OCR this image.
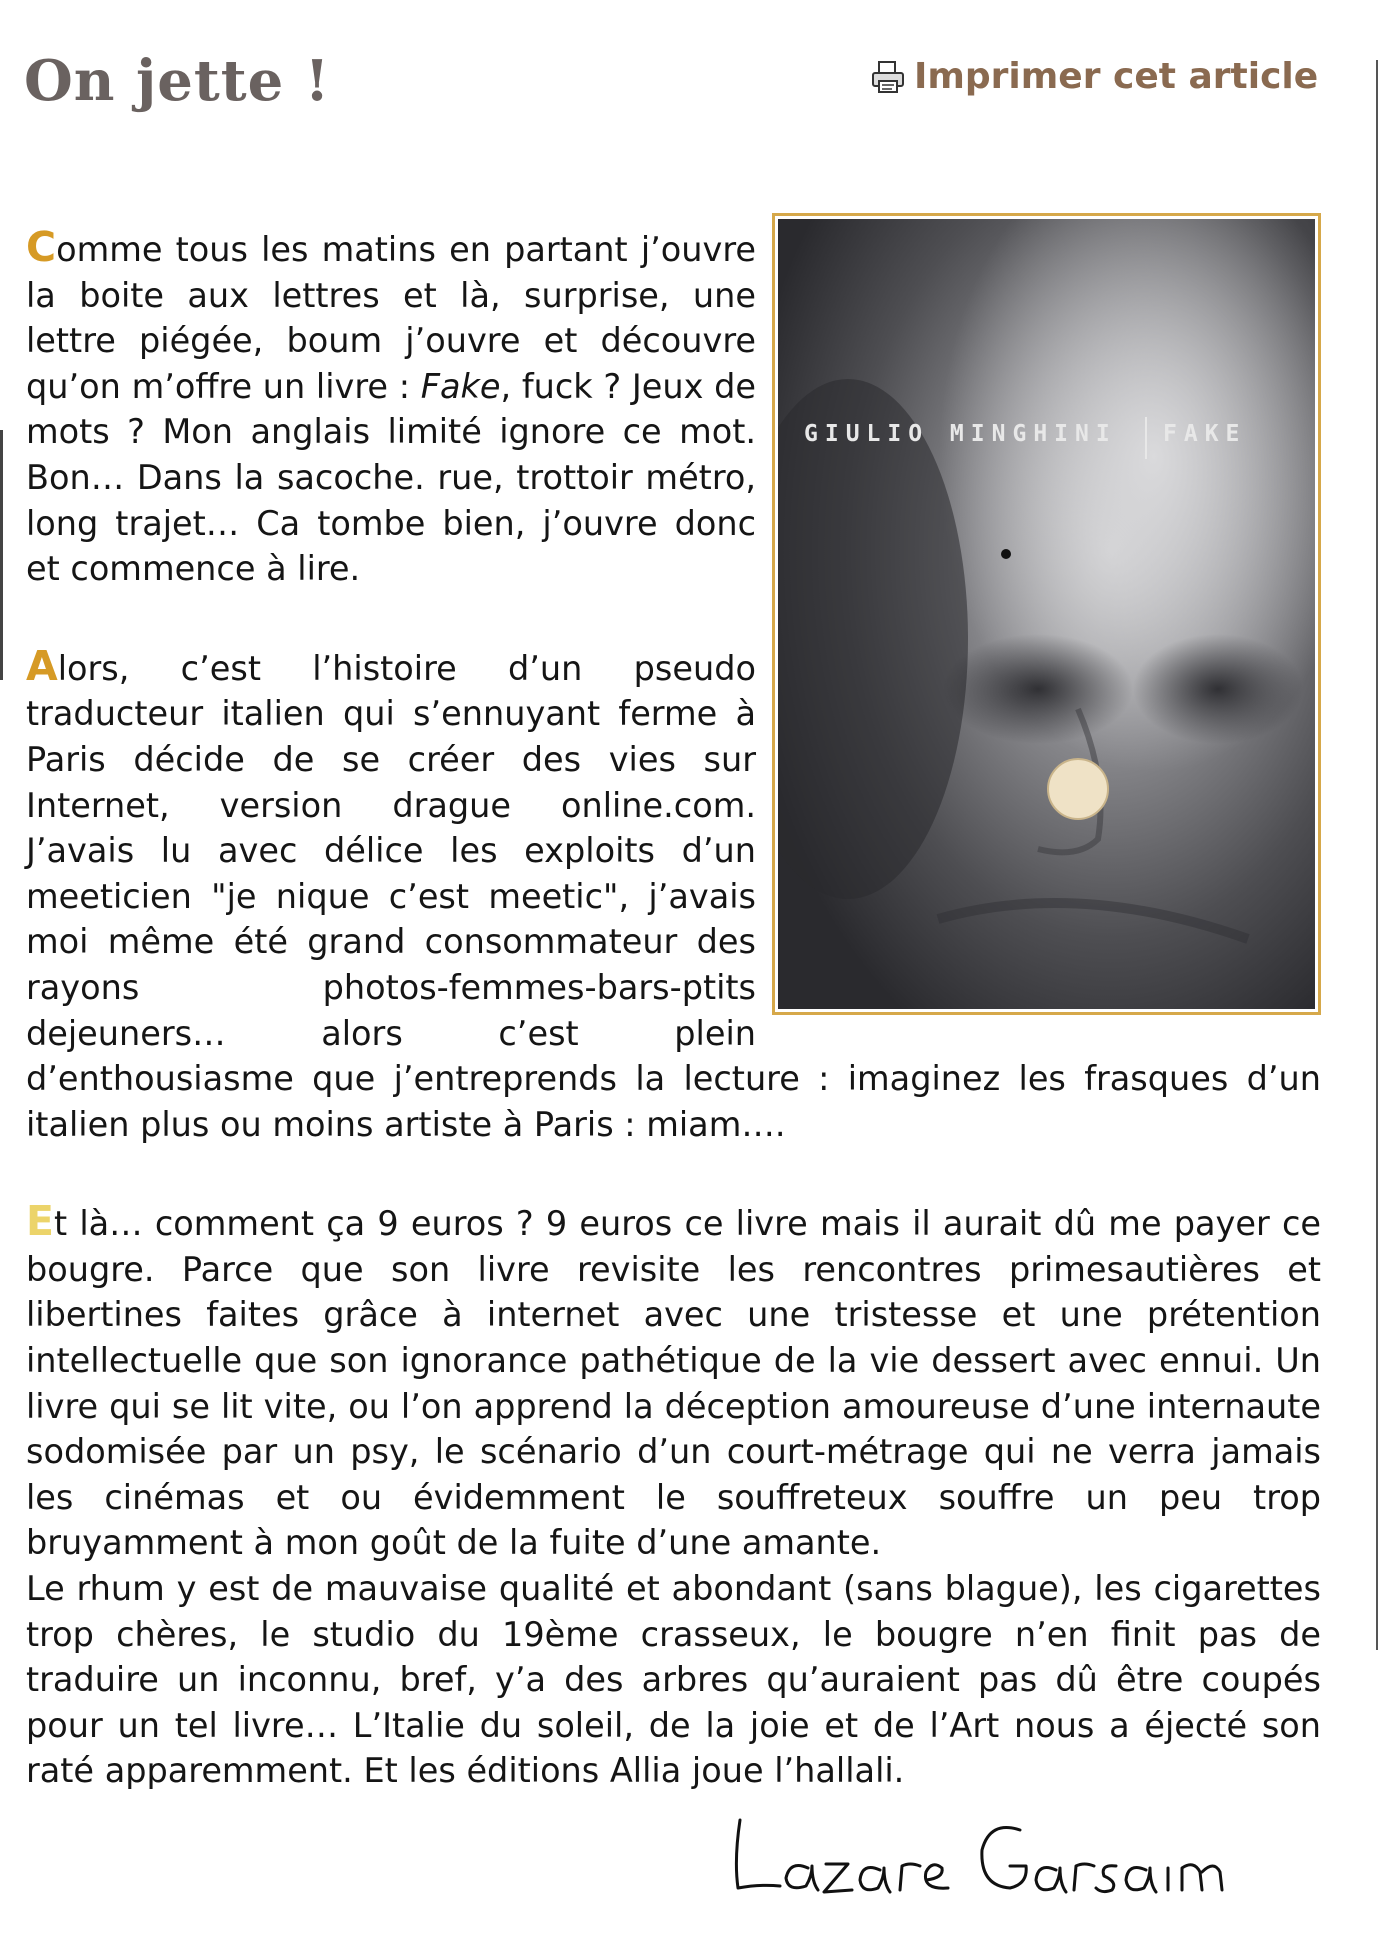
On jette !	Imprimer cet article
GIULIO MINGHINI FAKE

Comme tous les matins en partant j’ouvre la boite aux lettres et là, surprise, une lettre piégée, boum j’ouvre et découvre qu’on m’offre un livre : Fake, fuck ? Jeux de mots ? Mon anglais limité ignore ce mot. Bon… Dans la sacoche. rue, trottoir métro, long trajet… Ca tombe bien, j’ouvre donc et commence à lire.

Alors, c’est l’histoire d’un pseudo traducteur italien qui s’ennuyant ferme à Paris décide de se créer des vies sur Internet, version drague online.com. J’avais lu avec délice les exploits d’un meeticien "je nique c’est meetic", j’avais moi même été grand consommateur des rayons photos-femmes-bars-ptits dejeuners… alors c’est plein d’enthousiasme que j’entreprends la lecture : imaginez les frasques d’un italien plus ou moins artiste à Paris : miam….

Et là… comment ça 9 euros ? 9 euros ce livre mais il aurait dû me payer ce bougre. Parce que son livre revisite les rencontres primesautières et libertines faites grâce à internet avec une tristesse et une prétention intellectuelle que son ignorance pathétique de la vie dessert avec ennui. Un livre qui se lit vite, ou l’on apprend la déception amoureuse d’une internaute sodomisée par un psy, le scénario d’un court-métrage qui ne verra jamais les cinémas et ou évidemment le souffreteux souffre un peu trop bruyamment à mon goût de la fuite d’une amante.

Le rhum y est de mauvaise qualité et abondant (sans blague), les cigarettes trop chères, le studio du 19ème crasseux, le bougre n’en finit pas de traduire un inconnu, bref, y’a des arbres qu’auraient pas dû être coupés pour un tel livre… L’Italie du soleil, de la joie et de l’Art nous a éjecté son raté apparemment. Et les éditions Allia joue l’hallali.
